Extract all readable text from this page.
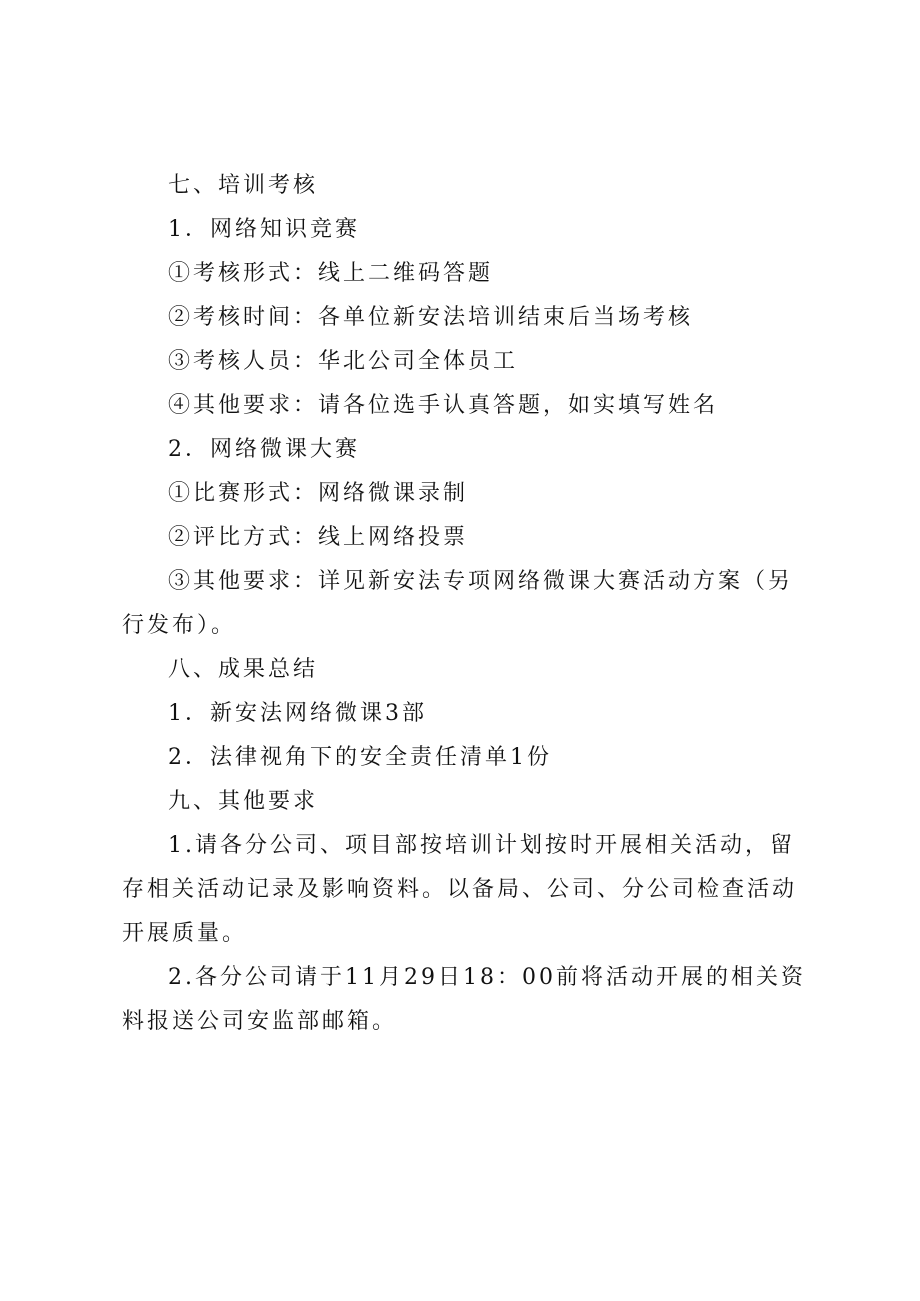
七、培训考核

1．网络知识竞赛

①考核形式：线上二维码答题

②考核时间：各单位新安法培训结束后当场考核

③考核人员：华北公司全体员工

④其他要求：请各位选手认真答题，如实填写姓名

2．网络微课大赛

①比赛形式：网络微课录制

②评比方式：线上网络投票

③其他要求：详见新安法专项网络微课大赛活动方案（另行发布）。

八、成果总结

1．新安法网络微课3部

2．法律视角下的安全责任清单1份

九、其他要求

1.请各分公司、项目部按培训计划按时开展相关活动，留存相关活动记录及影响资料。以备局、公司、分公司检查活动开展质量。

2.各分公司请于11月29日18：00前将活动开展的相关资料报送公司安监部邮箱。
